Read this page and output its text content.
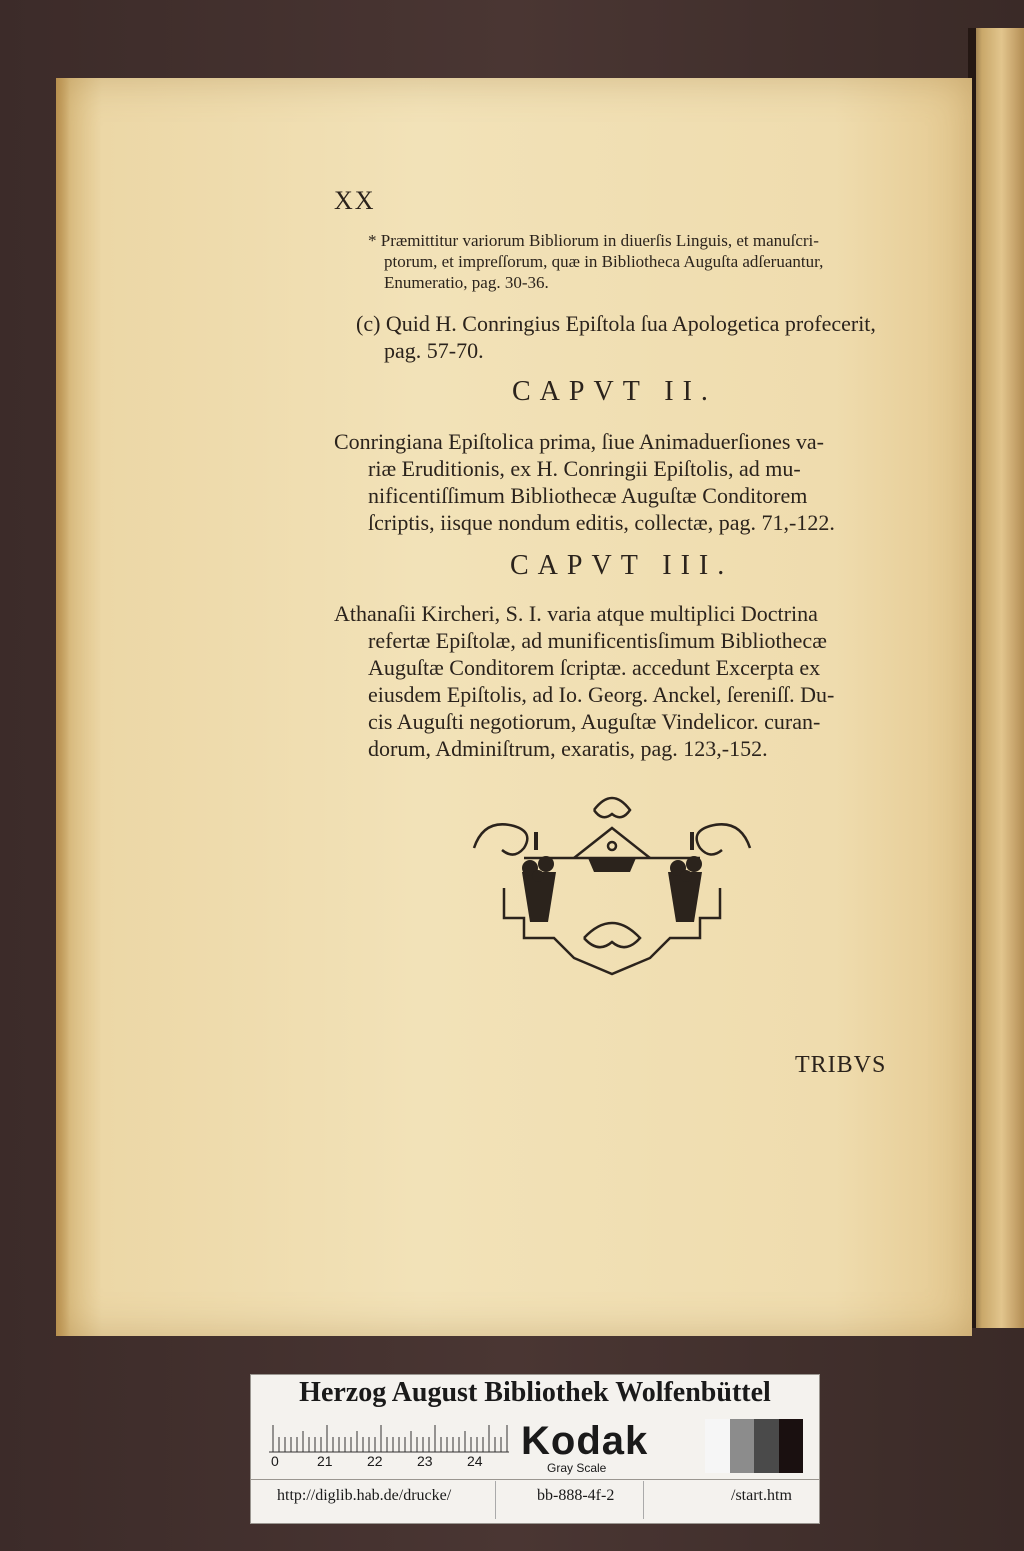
XX
* Præmittitur variorum Bibliorum in diuerſis Linguis, et manuſcri-
ptorum, et impreſſorum, quæ in Bibliotheca Auguſta adſeruantur,
Enumeratio, pag. 30-36.
(c) Quid H. Conringius Epiſtola ſua Apologetica profecerit,
pag. 57-70.
CAPVT II.
Conringiana Epiſtolica prima, ſiue Animaduerſiones va-
riæ Eruditionis, ex H. Conringii Epiſtolis, ad mu-
nificentiſſimum Bibliothecæ Auguſtæ Conditorem
ſcriptis, iisque nondum editis, collectæ, pag. 71,-122.
CAPVT III.
Athanaſii Kircheri, S. I. varia atque multiplici Doctrina
refertæ Epiſtolæ, ad munificentisſimum Bibliothecæ
Auguſtæ Conditorem ſcriptæ. accedunt Excerpta ex
eiusdem Epiſtolis, ad Io. Georg. Anckel, ſereniſſ. Du-
cis Auguſti negotiorum, Auguſtæ Vindelicor. curan-
dorum, Adminiſtrum, exaratis, pag. 123,-152.
TRIBVS
Herzog August Bibliothek Wolfenbüttel
0	21 22 23 24 Kodak
Gray Scale
http://diglib.hab.de/drucke/	bb-888-4f-2	/start.htm
